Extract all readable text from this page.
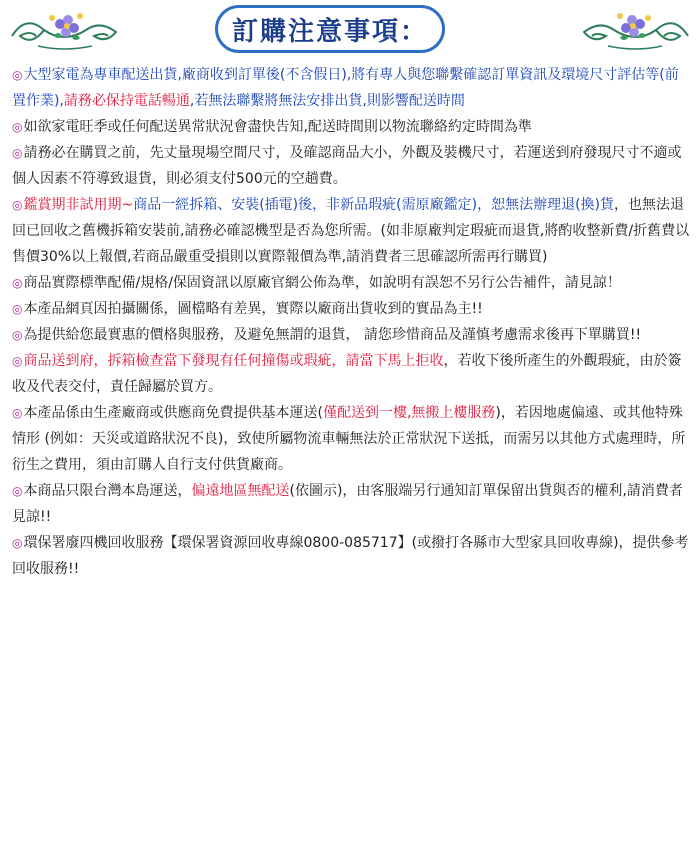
訂購注意事項：

◎大型家電為專車配送出貨,廠商收到訂單後(不含假日),將有專人與您聯繫確認訂單資訊及環境尺寸評估等(前置作業),請務必保持電話暢通,若無法聯繫將無法安排出貨,則影響配送時間

◎如欲家電旺季或任何配送異常狀況會盡快告知,配送時間則以物流聯絡約定時間為準

◎請務必在購買之前，先丈量現場空間尺寸，及確認商品大小，外觀及裝機尺寸，若運送到府發現尺寸不適或個人因素不符導致退貨，則必須支付500元的空趟費。

◎鑑賞期非試用期~商品一經拆箱、安裝(插電)後，非新品瑕疵(需原廠鑑定)，恕無法辦理退(換)貨，也無法退回已回收之舊機拆箱安裝前,請務必確認機型是否為您所需。(如非原廠判定瑕疵而退貨,將酌收整新費/折舊費以售價30%以上報價,若商品嚴重受損則以實際報價為準,請消費者三思確認所需再行購買)

◎商品實際標準配備/規格/保固資訊以原廠官網公佈為準，如說明有誤恕不另行公告補件，請見諒！

◎本產品網頁因拍攝關係，圖檔略有差異，實際以廠商出貨收到的實品為主!!

◎為提供給您最實惠的價格與服務，及避免無謂的退貨， 請您珍惜商品及謹慎考慮需求後再下單購買!!

◎商品送到府，拆箱檢查當下發現有任何撞傷或瑕疵，請當下馬上拒收，若收下後所產生的外觀瑕疵，由於簽收及代表交付，責任歸屬於買方。

◎本產品係由生產廠商或供應商免費提供基本運送(僅配送到一樓,無搬上樓服務)，若因地處偏遠、或其他特殊情形 (例如：天災或道路狀況不良)，致使所屬物流車輛無法於正常狀況下送抵，而需另以其他方式處理時，所衍生之費用，須由訂購人自行支付供貨廠商。

◎本商品只限台灣本島運送，偏遠地區無配送(依圖示)，由客服端另行通知訂單保留出貨與否的權利,請消費者見諒!!

◎環保署廢四機回收服務【環保署資源回收專線0800-085717】(或撥打各縣市大型家具回收專線)，提供參考回收服務!!
